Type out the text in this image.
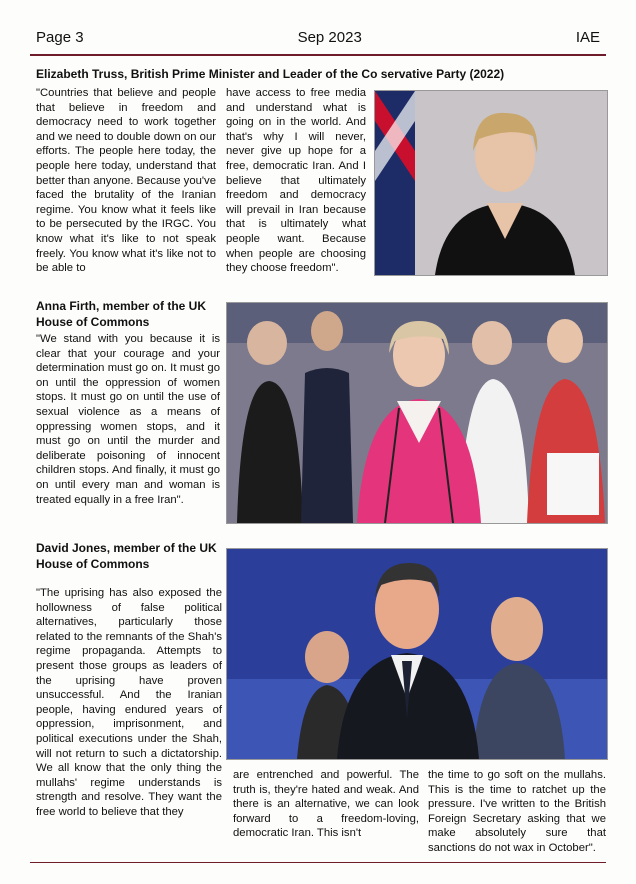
Page 3	Sep 2023	IAE
Elizabeth Truss, British Prime Minister and Leader of the Co servative Party (2022)
"Countries that believe and people that believe in freedom and democracy need to work together and we need to double down on our efforts. The people here today, the people here today, understand that better than anyone. Because you've faced the brutality of the Iranian regime. You know what it feels like to be persecuted by the IRGC. You know what it's like to not speak freely. You know what it's like not to be able to
have access to free media and understand what is going on in the world. And that's why I will never, never give up hope for a free, democratic Iran. And I believe that ultimately freedom and democracy will prevail in Iran because that is ultimately what people want. Because when people are choosing they choose freedom".
Anna Firth, member of the UK House of Commons
"We stand with you because it is clear that your courage and your determination must go on. It must go on until the oppression of women stops. It must go on until the use of sexual violence as a means of oppressing women stops, and it must go on until the murder and deliberate poisoning of innocent children stops. And finally, it must go on until every man and woman is treated equally in a free Iran".
David Jones, member of the UK House of Commons
"The uprising has also exposed the hollowness of false political alternatives, particularly those related to the remnants of the Shah's regime propaganda. Attempts to present those groups as leaders of the uprising have proven unsuccessful. And the Iranian people, having endured years of oppression, imprisonment, and political executions under the Shah, will not return to such a dictatorship. We all know that the only thing the mullahs' regime understands is strength and resolve. They want the free world to believe that they
are entrenched and powerful. The truth is, they're hated and weak. And there is an alternative, we can look forward to a freedom-loving, democratic Iran. This isn't
the time to go soft on the mullahs. This is the time to ratchet up the pressure. I've written to the British Foreign Secretary asking that we make absolutely sure that sanctions do not wax in October".
